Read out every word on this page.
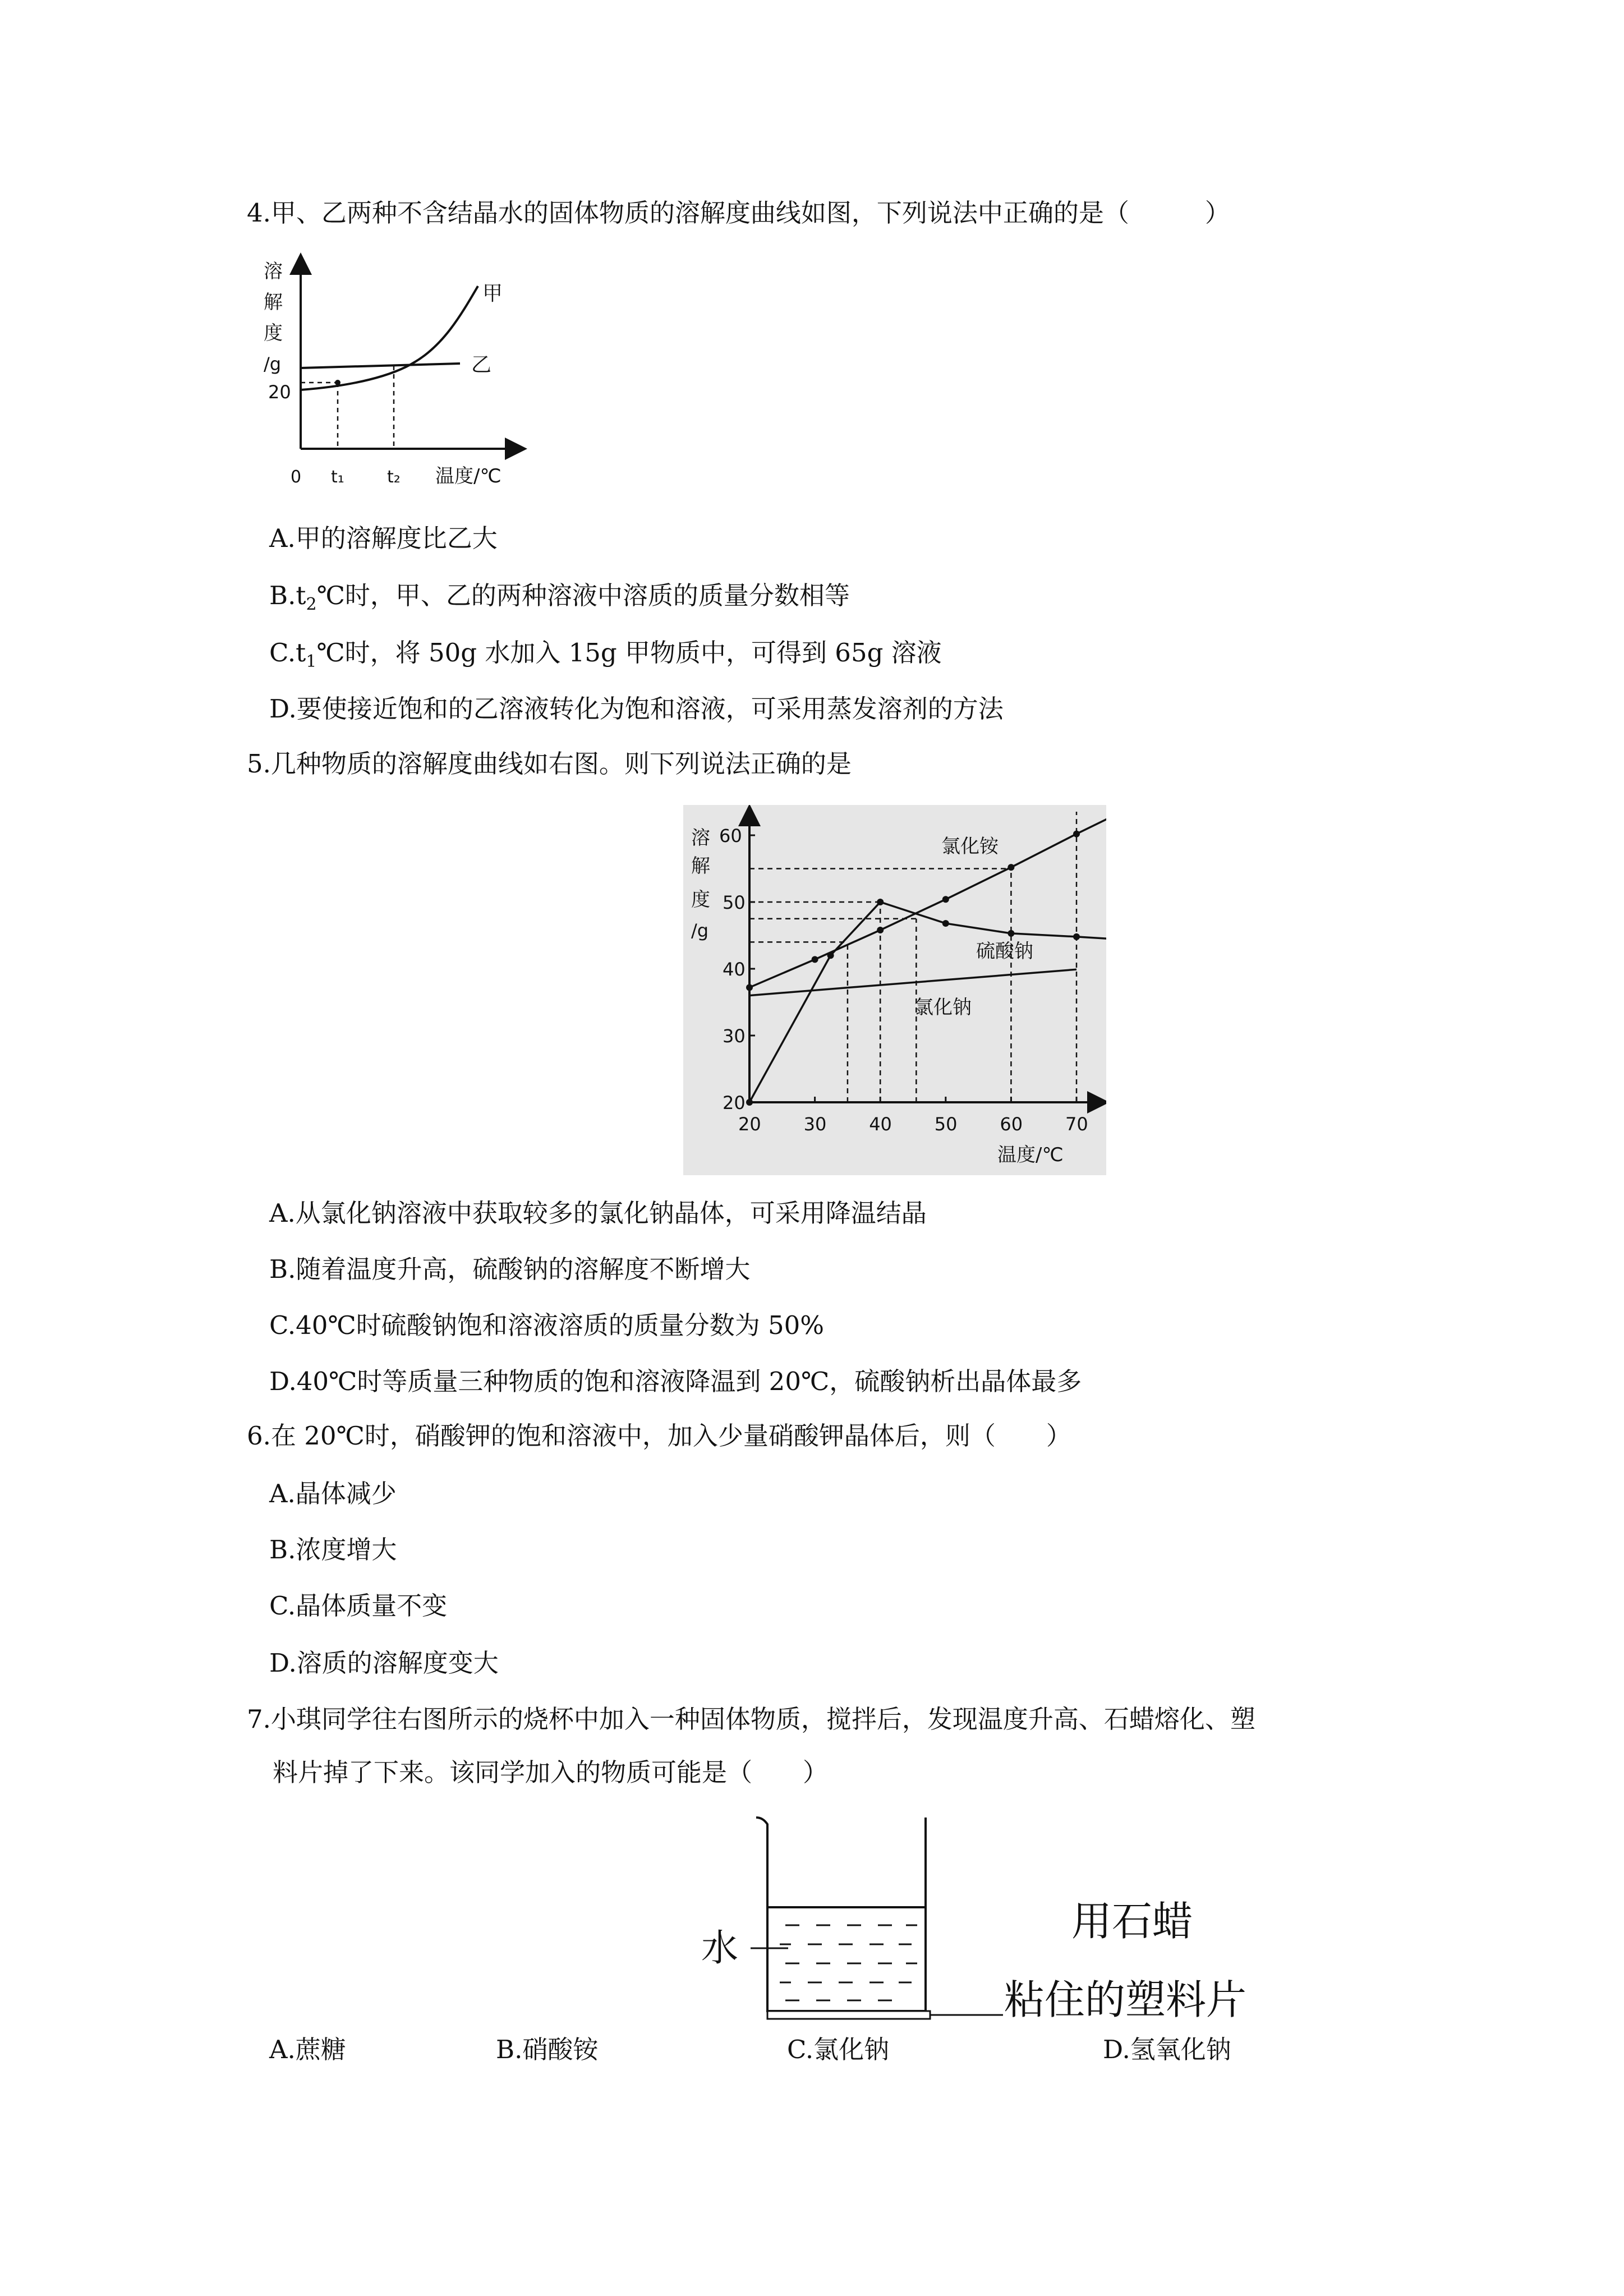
4.甲、乙两种不含结晶水的固体物质的溶解度曲线如图，下列说法中正确的是（　　　）
溶
解
度
/g
20
甲
乙
0 t₁	t₂ 温度/℃
A.甲的溶解度比乙大
$B.t_2℃$时，甲、乙的两种溶液中溶质的质量分数相等
$C.t_1℃$时，将 50g 水加入 15g 甲物质中，可得到 65g 溶液
D.要使接近饱和的乙溶液转化为饱和溶液，可采用蒸发溶剂的方法
5.几种物质的溶解度曲线如右图。则下列说法正确的是
溶
解
度
/g
20 30 40 50 60 70
20
30
40
50
60	氯化铵
硫酸钠
氯化钠
温度/℃
A.从氯化钠溶液中获取较多的氯化钠晶体，可采用降温结晶
B.随着温度升高，硫酸钠的溶解度不断增大
C.40℃时硫酸钠饱和溶液溶质的质量分数为 50%
D.40℃时等质量三种物质的饱和溶液降温到 20℃，硫酸钠析出晶体最多
6.在 20℃时，硝酸钾的饱和溶液中，加入少量硝酸钾晶体后，则（　　）
A.晶体减少
B.浓度增大
C.晶体质量不变
D.溶质的溶解度变大
7.小琪同学往右图所示的烧杯中加入一种固体物质，搅拌后，发现温度升高、石蜡熔化、塑
料片掉了下来。该同学加入的物质可能是（　　）
水
用石蜡
粘住的塑料片
A.蔗糖	B.硝酸铵	C.氯化钠	D.氢氧化钠
